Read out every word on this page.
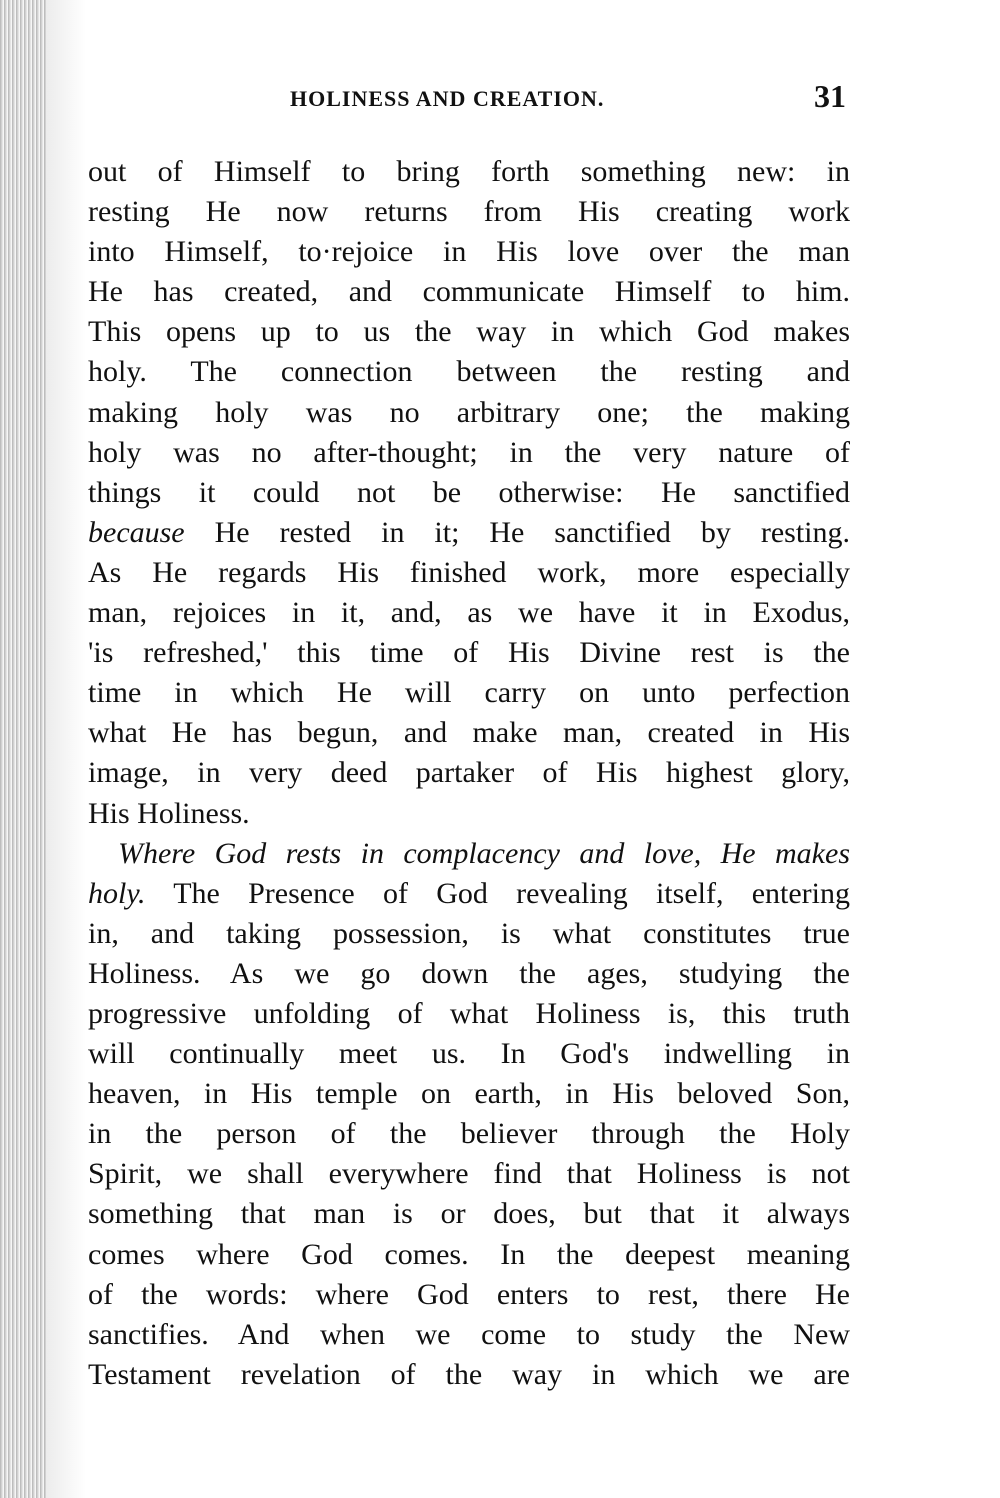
HOLINESS AND CREATION.	31
out of Himself to bring forth something new: in
resting He now returns from His creating work
into Himself, to·rejoice in His love over the man
He has created, and communicate Himself to him.
This opens up to us the way in which God makes
holy. The connection between the resting and
making holy was no arbitrary one; the making
holy was no after-thought; in the very nature of
things it could not be otherwise: He sanctified
because He rested in it; He sanctified by resting.
As He regards His finished work, more especially
man, rejoices in it, and, as we have it in Exodus,
'is refreshed,' this time of His Divine rest is the
time in which He will carry on unto perfection
what He has begun, and make man, created in His
image, in very deed partaker of His highest glory,
His Holiness.
Where God rests in complacency and love, He makes
holy. The Presence of God revealing itself, entering
in, and taking possession, is what constitutes true
Holiness. As we go down the ages, studying the
progressive unfolding of what Holiness is, this truth
will continually meet us. In God's indwelling in
heaven, in His temple on earth, in His beloved Son,
in the person of the believer through the Holy
Spirit, we shall everywhere find that Holiness is not
something that man is or does, but that it always
comes where God comes. In the deepest meaning
of the words: where God enters to rest, there He
sanctifies. And when we come to study the New
Testament revelation of the way in which we are
